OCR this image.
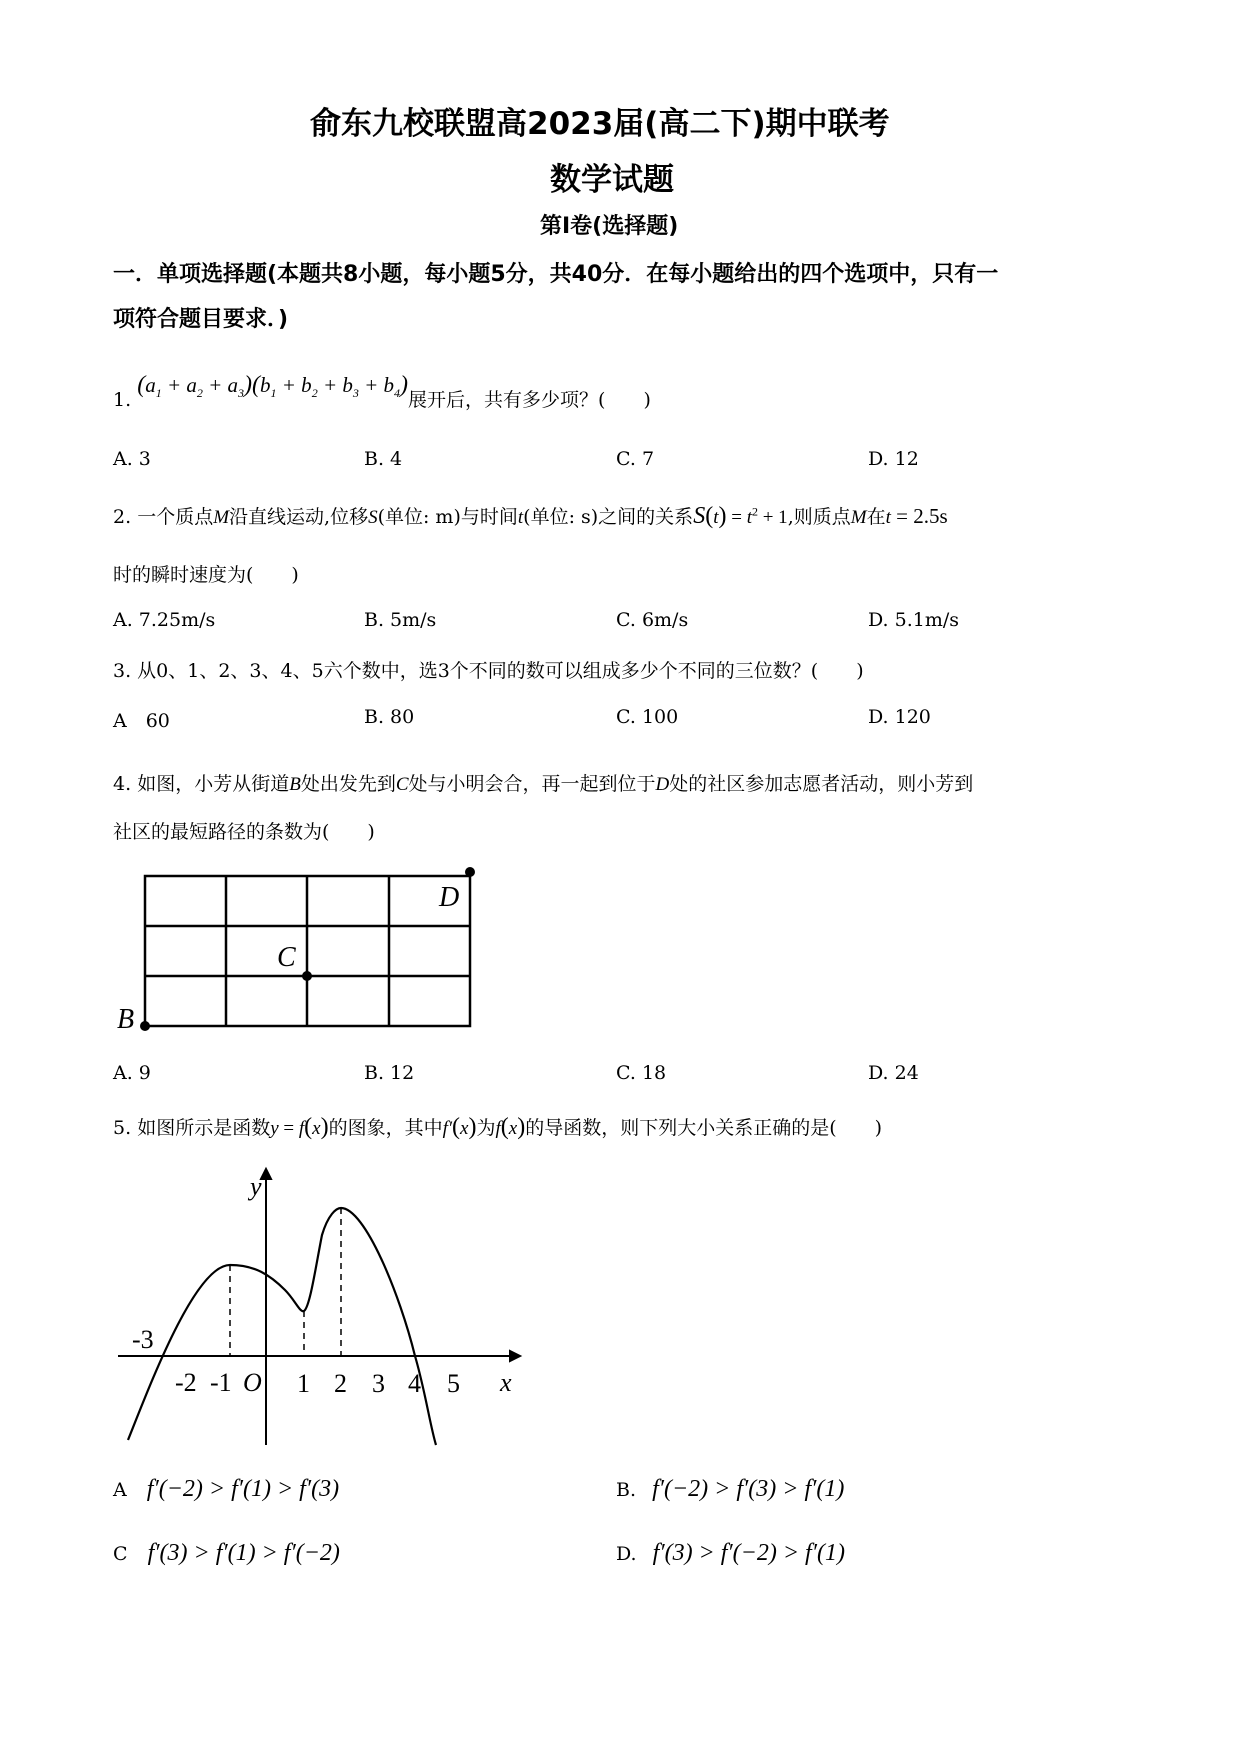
俞东九校联盟高2023届(高二下)期中联考
数学试题
第I卷(选择题)
一．单项选择题(本题共8小题，每小题5分，共40分．在每小题给出的四个选项中，只有一
项符合题目要求．)
1. $(a_1 + a_2 + a_3)(b_1 + b_2 + b_3 + b_4)$展开后，共有多少项？(　　)
A. 3	B. 4	C. 7	D. 12
2. 一个质点M沿直线运动,位移S(单位: m)与时间t(单位: s)之间的关系$S(t) = t^2 + 1$,则质点M在t = 2.5s
时的瞬时速度为(　　)
A. 7.25m/s	B. 5m/s	C. 6m/s	D. 5.1m/s
3. 从0、1、2、3、4、5六个数中，选3个不同的数可以组成多少个不同的三位数？(　　)
A　60	B. 80	C. 100	D. 120
4. 如图，小芳从街道B处出发先到C处与小明会合，再一起到位于D处的社区参加志愿者活动，则小芳到
社区的最短路径的条数为(　　)
B
C
D
A. 9	B. 12	C. 18	D. 24
5. 如图所示是函数y = f(x)的图象，其中f′(x)为f(x)的导函数，则下列大小关系正确的是(　　)
y
x
O
-3
-2 -1	1 2 3 4 5
A f′(−2) > f′(1) > f′(3)	B. f′(−2) > f′(3) > f′(1)
C f′(3) > f′(1) > f′(−2)	D. f′(3) > f′(−2) > f′(1)
